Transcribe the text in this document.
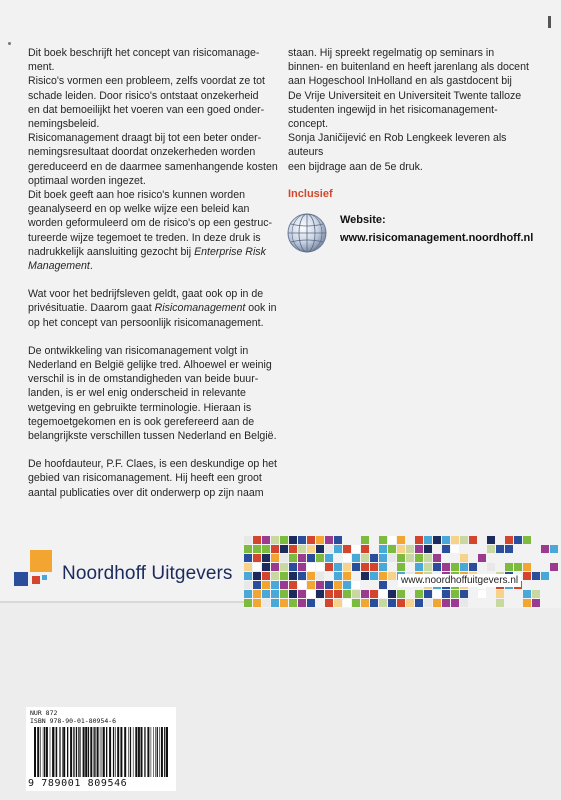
Dit boek beschrijft het concept van risicomanage-
ment.
Risico's vormen een probleem, zelfs voordat ze tot
schade leiden. Door risico's ontstaat onzekerheid
en dat bemoeilijkt het voeren van een goed onder-
nemingsbeleid.
Risicomanagement draagt bij tot een beter onder-
nemingsresultaat doordat onzekerheden worden
gereduceerd en de daarmee samenhangende kosten
optimaal worden ingezet.
Dit boek geeft aan hoe risico's kunnen worden
geanalyseerd en op welke wijze een beleid kan
worden geformuleerd om de risico's op een gestruc-
tureerde wijze tegemoet te treden. In deze druk is
nadrukkelijk aansluiting gezocht bij Enterprise Risk
Management.

Wat voor het bedrijfsleven geldt, gaat ook op in de
privésituatie. Daarom gaat Risicomanagement ook in
op het concept van persoonlijk risicomanagement.

De ontwikkeling van risicomanagement volgt in
Nederland en België gelijke tred. Alhoewel er weinig
verschil is in de omstandigheden van beide buur-
landen, is er wel enig onderscheid in relevante
wetgeving en gebruikte terminologie. Hieraan is
tegemoetgekomen en is ook gerefereerd aan de
belangrijkste verschillen tussen Nederland en België.

De hoofdauteur, P.F. Claes, is een deskundige op het
gebied van risicomanagement. Hij heeft een groot
aantal publicaties over dit onderwerp op zijn naam

staan. Hij spreekt regelmatig op seminars in
binnen- en buitenland en heeft jarenlang als docent
aan Hogeschool InHolland en als gastdocent bij
De Vrije Universiteit en Universiteit Twente talloze
studenten ingewijd in het risicomanagement-
concept.
Sonja Janičijević en Rob Lengkeek leveren als auteurs
een bijdrage aan de 5e druk.

Inclusief
Website:
www.risicomanagement.noordhoff.nl
Noordhoff Uitgevers	www.noordhoffuitgevers.nl
NUR 872
ISBN 978-90-01-80954-6
9 789001 809546
